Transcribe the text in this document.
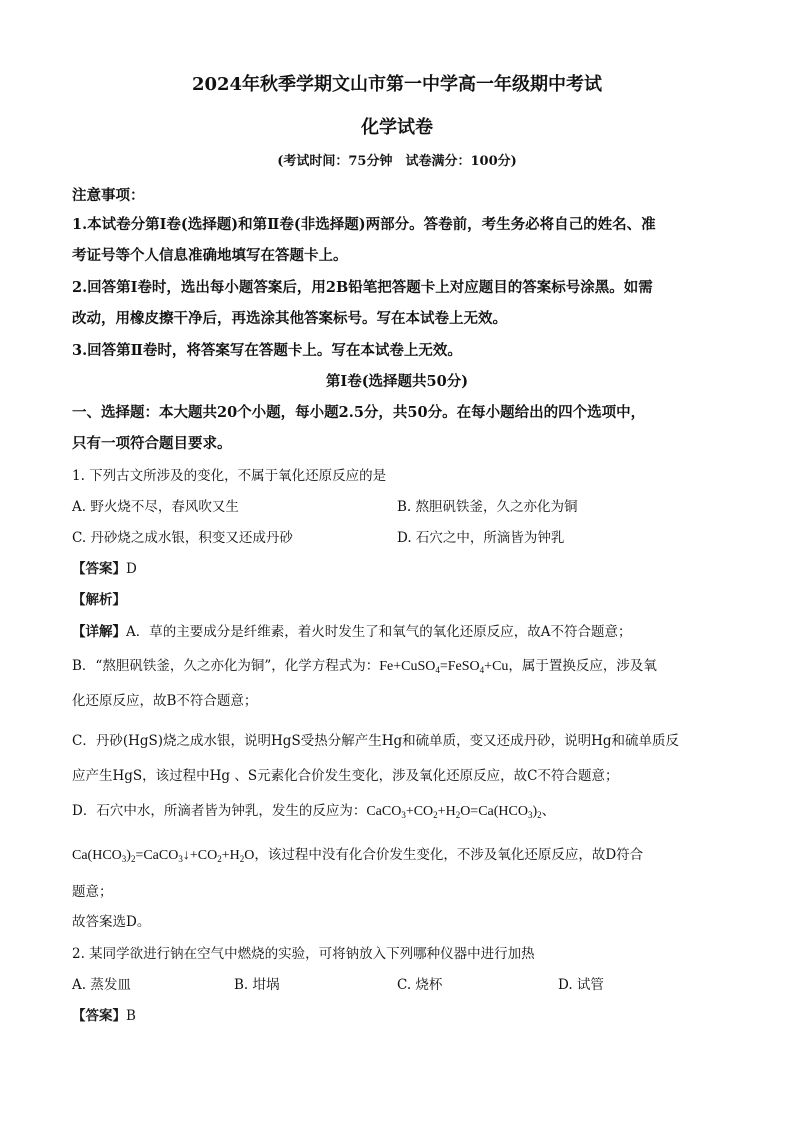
2024年秋季学期文山市第一中学高一年级期中考试
化学试卷
(考试时间：75分钟　试卷满分：100分)
注意事项：
1.本试卷分第Ⅰ卷(选择题)和第Ⅱ卷(非选择题)两部分。答卷前，考生务必将自己的姓名、准
考证号等个人信息准确地填写在答题卡上。
2.回答第Ⅰ卷时，选出每小题答案后，用2B铅笔把答题卡上对应题目的答案标号涂黑。如需
改动，用橡皮擦干净后，再选涂其他答案标号。写在本试卷上无效。
3.回答第Ⅱ卷时，将答案写在答题卡上。写在本试卷上无效。
第Ⅰ卷(选择题共50分)
一、选择题：本大题共20个小题，每小题2.5分，共50分。在每小题给出的四个选项中，
只有一项符合题目要求。
1. 下列古文所涉及的变化，不属于氧化还原反应的是
A. 野火烧不尽，春风吹又生	B. 熬胆矾铁釜，久之亦化为铜
C. 丹砂烧之成水银，积变又还成丹砂	D. 石穴之中，所滴皆为钟乳
【答案】D
【解析】
【详解】A．草的主要成分是纤维素，着火时发生了和氧气的氧化还原反应，故A不符合题意；
B．“熬胆矾铁釜，久之亦化为铜”，化学方程式为：Fe+CuSO$_4$=FeSO$_4$+Cu，属于置换反应，涉及氧
化还原反应，故B不符合题意；
C．丹砂(HgS)烧之成水银，说明HgS受热分解产生Hg和硫单质，变又还成丹砂，说明Hg和硫单质反
应产生HgS，该过程中Hg 、S元素化合价发生变化，涉及氧化还原反应，故C不符合题意；
D．石穴中水，所滴者皆为钟乳，发生的反应为：$CaCO_3+CO_2+H_2O=Ca(HCO_3)_2$、
$Ca(HCO_3)_2=CaCO_3↓+CO_2+H_2O$，该过程中没有化合价发生变化，不涉及氧化还原反应，故D符合
题意；
故答案选D。
2. 某同学欲进行钠在空气中燃烧的实验，可将钠放入下列哪种仪器中进行加热
A. 蒸发皿	B. 坩埚	C. 烧杯	D. 试管
【答案】B
